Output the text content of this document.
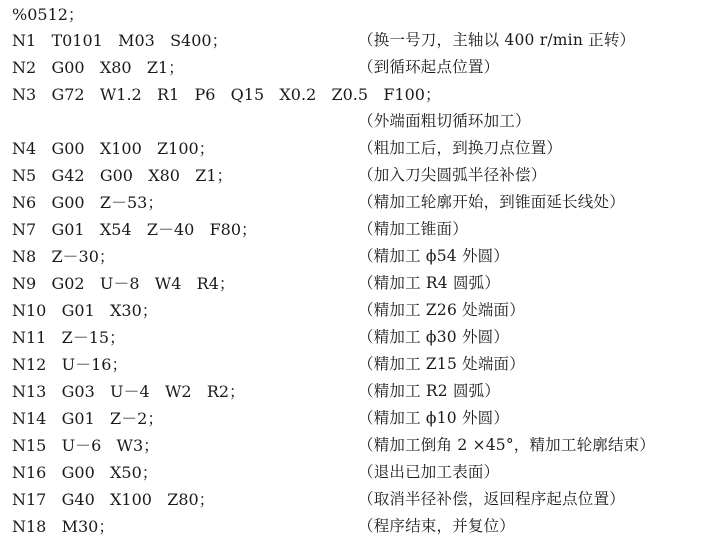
%0512；
N1   T0101   M03   S400；	（换一号刀，主轴以 400 r/min 正转）
N2   G00   X80   Z1；	（到循环起点位置）
N3   G72   W1.2   R1   P6   Q15   X0.2   Z0.5   F100；
（外端面粗切循环加工）
N4   G00   X100   Z100；	（粗加工后，到换刀点位置）
N5   G42   G00   X80   Z1；	（加入刀尖圆弧半径补偿）
N6   G00   Z－53；	（精加工轮廓开始，到锥面延长线处）
N7   G01   X54   Z－40   F80；	（精加工锥面）
N8   Z－30；	（精加工 ϕ54 外圆）
N9   G02   U－8   W4   R4；	（精加工 R4 圆弧）
N10   G01   X30；	（精加工 Z26 处端面）
N11   Z－15；	（精加工 ϕ30 外圆）
N12   U－16；	（精加工 Z15 处端面）
N13   G03   U－4   W2   R2；	（精加工 R2 圆弧）
N14   G01   Z－2；	（精加工 ϕ10 外圆）
N15   U－6   W3；	（精加工倒角 2 ×45°，精加工轮廓结束）
N16   G00   X50；	（退出已加工表面）
N17   G40   X100   Z80；	（取消半径补偿，返回程序起点位置）
N18   M30；	（程序结束，并复位）
